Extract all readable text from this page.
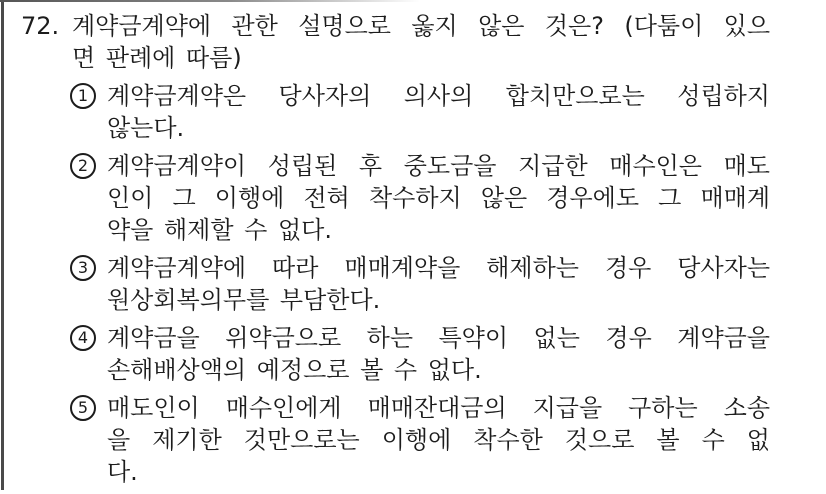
72. 계약금계약에 관한 설명으로 옳지 않은 것은? (다툼이 있으
면 판례에 따름)
1 계약금계약은 당사자의 의사의 합치만으로는 성립하지
않는다.
2 계약금계약이 성립된 후 중도금을 지급한 매수인은 매도
인이 그 이행에 전혀 착수하지 않은 경우에도 그 매매계
약을 해제할 수 없다.
3 계약금계약에 따라 매매계약을 해제하는 경우 당사자는
원상회복의무를 부담한다.
4 계약금을 위약금으로 하는 특약이 없는 경우 계약금을
손해배상액의 예정으로 볼 수 없다.
5 매도인이 매수인에게 매매잔대금의 지급을 구하는 소송
을 제기한 것만으로는 이행에 착수한 것으로 볼 수 없
다.
